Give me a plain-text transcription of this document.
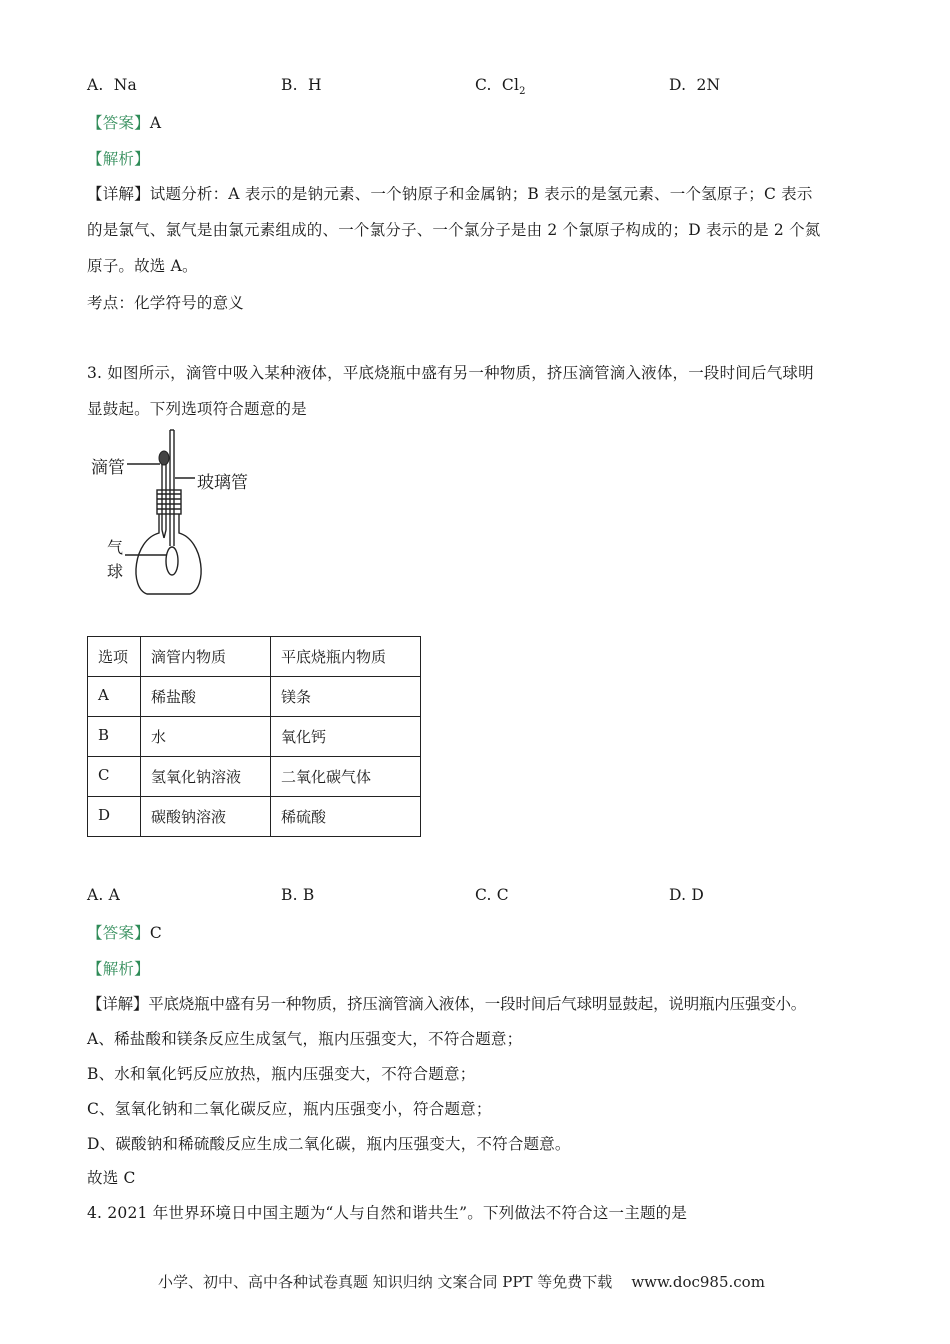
A. Na	B. H	C. $Cl_2$	D. 2N
【答案】A
【解析】
【详解】试题分析：A 表示的是钠元素、一个钠原子和金属钠；B 表示的是氢元素、一个氢原子；C 表示
的是氯气、氯气是由氯元素组成的、一个氯分子、一个氯分子是由 2 个氯原子构成的；D 表示的是 2 个氮
原子。故选 A。
考点：化学符号的意义
3. 如图所示，滴管中吸入某种液体，平底烧瓶中盛有另一种物质，挤压滴管滴入液体，一段时间后气球明
显鼓起。下列选项符合题意的是
滴管
玻璃管
气
球
选项	滴管内物质	平底烧瓶内物质
A	稀盐酸	镁条
B	水	氧化钙
C	氢氧化钠溶液	二氧化碳气体
D	碳酸钠溶液	稀硫酸
A. A	B. B	C. C	D. D
【答案】C
【解析】
【详解】平底烧瓶中盛有另一种物质，挤压滴管滴入液体，一段时间后气球明显鼓起，说明瓶内压强变小。
A、稀盐酸和镁条反应生成氢气，瓶内压强变大，不符合题意；
B、水和氧化钙反应放热，瓶内压强变大，不符合题意；
C、氢氧化钠和二氧化碳反应，瓶内压强变小，符合题意；
D、碳酸钠和稀硫酸反应生成二氧化碳，瓶内压强变大，不符合题意。
故选 C
4. 2021 年世界环境日中国主题为“人与自然和谐共生”。下列做法不符合这一主题的是
小学、初中、高中各种试卷真题 知识归纳 文案合同 PPT 等免费下载 www.doc985.com
